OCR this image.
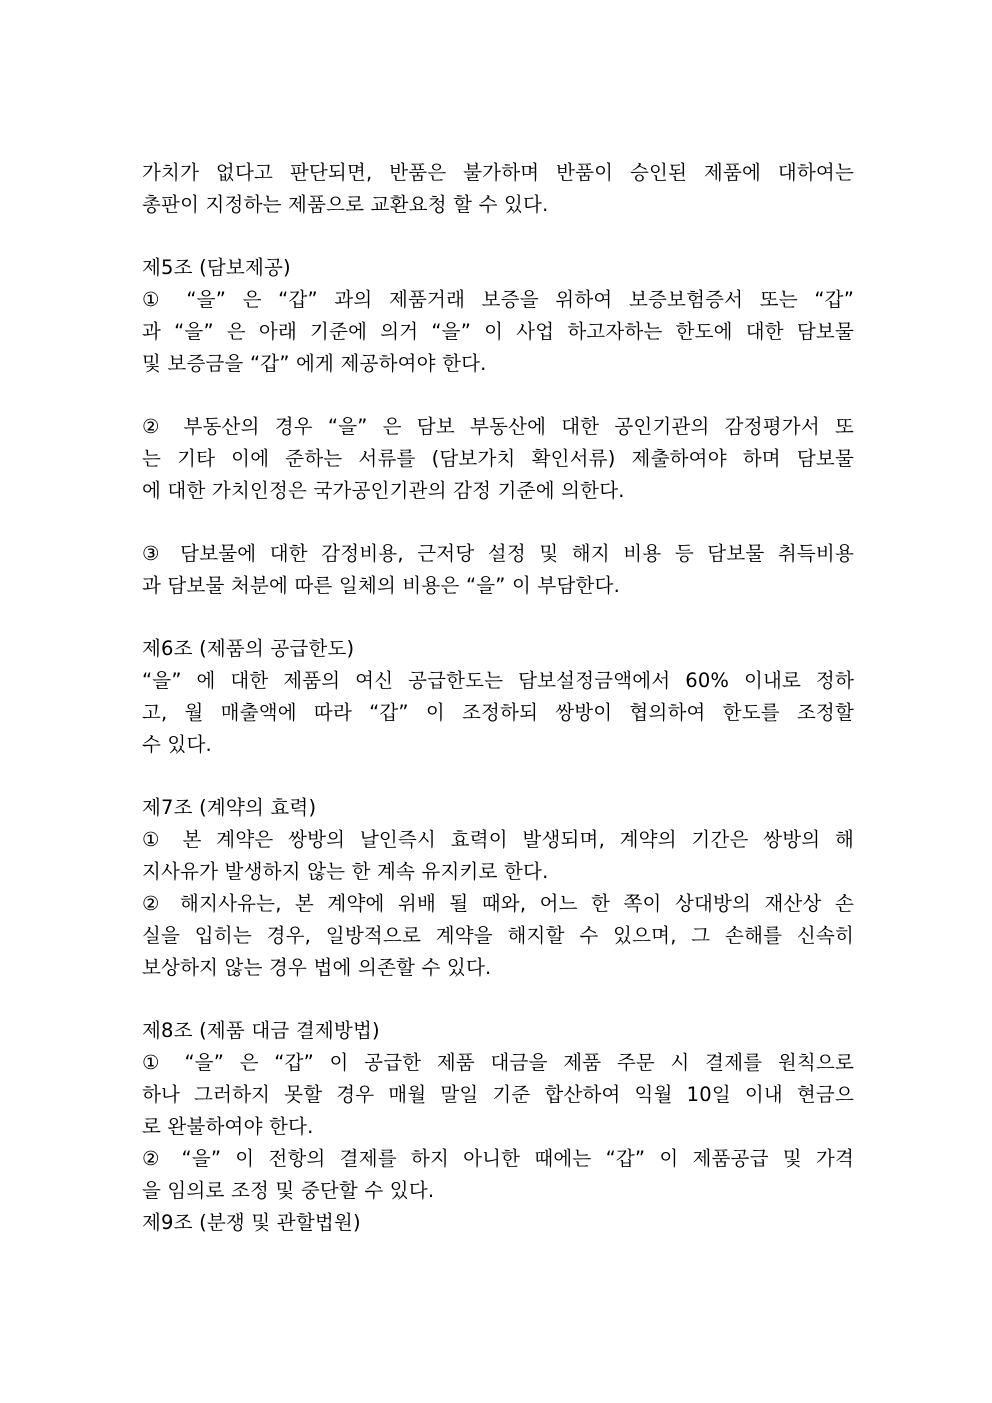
가치가 없다고 판단되면, 반품은 불가하며 반품이 승인된 제품에 대하여는
총판이 지정하는 제품으로 교환요청 할 수 있다.
제5조 (담보제공)
① “을” 은 “갑” 과의 제품거래 보증을 위하여 보증보험증서 또는 “갑”
과 “을” 은 아래 기준에 의거 “을” 이 사업 하고자하는 한도에 대한 담보물
및 보증금을 “갑” 에게 제공하여야 한다.
② 부동산의 경우 “을” 은 담보 부동산에 대한 공인기관의 감정평가서 또
는 기타 이에 준하는 서류를 (담보가치 확인서류) 제출하여야 하며 담보물
에 대한 가치인정은 국가공인기관의 감정 기준에 의한다.
③ 담보물에 대한 감정비용, 근저당 설정 및 해지 비용 등 담보물 취득비용
과 담보물 처분에 따른 일체의 비용은 “을” 이 부담한다.
제6조 (제품의 공급한도)
“을” 에 대한 제품의 여신 공급한도는 담보설정금액에서 60% 이내로 정하
고, 월 매출액에 따라 “갑” 이 조정하되 쌍방이 협의하여 한도를 조정할
수 있다.
제7조 (계약의 효력)
① 본 계약은 쌍방의 날인즉시 효력이 발생되며, 계약의 기간은 쌍방의 해
지사유가 발생하지 않는 한 계속 유지키로 한다.
② 해지사유는, 본 계약에 위배 될 때와, 어느 한 쪽이 상대방의 재산상 손
실을 입히는 경우, 일방적으로 계약을 해지할 수 있으며, 그 손해를 신속히
보상하지 않는 경우 법에 의존할 수 있다.
제8조 (제품 대금 결제방법)
① “을” 은 “갑” 이 공급한 제품 대금을 제품 주문 시 결제를 원칙으로
하나 그러하지 못할 경우 매월 말일 기준 합산하여 익월 10일 이내 현금으
로 완불하여야 한다.
② “을” 이 전항의 결제를 하지 아니한 때에는 “갑” 이 제품공급 및 가격
을 임의로 조정 및 중단할 수 있다.
제9조 (분쟁 및 관할법원)
